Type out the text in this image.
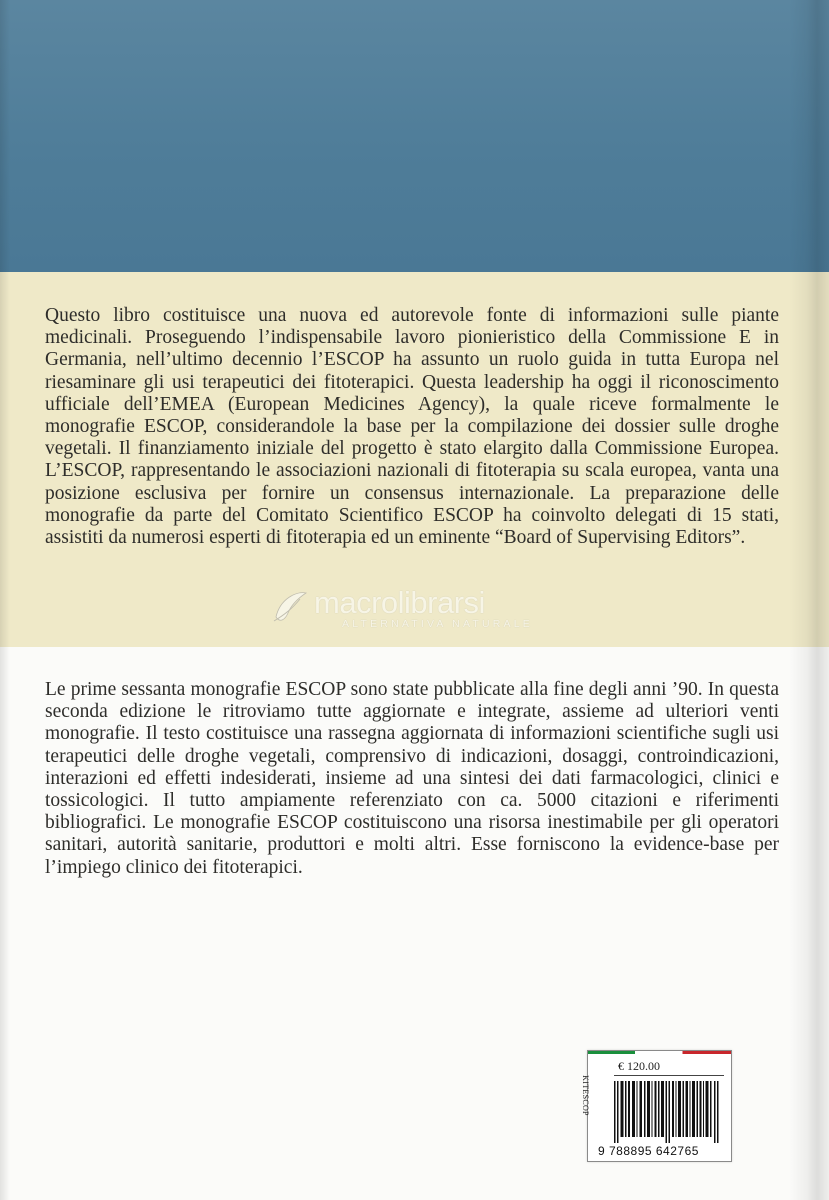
Questo libro costituisce una nuova ed autorevole fonte di informazioni sulle piante medicinali. Proseguendo l’indispensabile lavoro pionieristico della Commissione E in Germania, nell’ultimo decennio l’ESCOP ha assunto un ruolo guida in tutta Europa nel riesaminare gli usi terapeutici dei fitoterapici. Questa leadership ha oggi il riconoscimento ufficiale dell’EMEA (European Medicines Agency), la quale riceve formalmente le monografie ESCOP, considerandole la base per la compilazione dei dossier sulle droghe vegetali. Il finanziamento iniziale del progetto è stato elargito dalla Commissione Europea. L’ESCOP, rappresentando le associazioni nazionali di fitoterapia su scala europea, vanta una posizione esclusiva per fornire un consensus internazionale. La preparazione delle monografie da parte del Comitato Scientifico ESCOP ha coinvolto delegati di 15 stati, assistiti da numerosi esperti di fitoterapia ed un eminente “Board of Supervising Editors”.

macrolibrarsi
ALTERNATIVA NATURALE

Le prime sessanta monografie ESCOP sono state pubblicate alla fine degli anni ’90. In questa seconda edizione le ritroviamo tutte aggiornate e integrate, assieme ad ulteriori venti monografie. Il testo costituisce una rassegna aggiornata di informazioni scientifiche sugli usi terapeutici delle droghe vegetali, comprensivo di indicazioni, dosaggi, controindicazioni, interazioni ed effetti indesiderati, insieme ad una sintesi dei dati farmacologici, clinici e tossicologici. Il tutto ampiamente referenziato con ca. 5000 citazioni e riferimenti bibliografici. Le monografie ESCOP costituiscono una risorsa inestimabile per gli operatori sanitari, autorità sanitarie, produttori e molti altri. Esse forniscono la evidence-base per l’impiego clinico dei fitoterapici.

€ 120.00
KITESCOP
9 788895 642765
